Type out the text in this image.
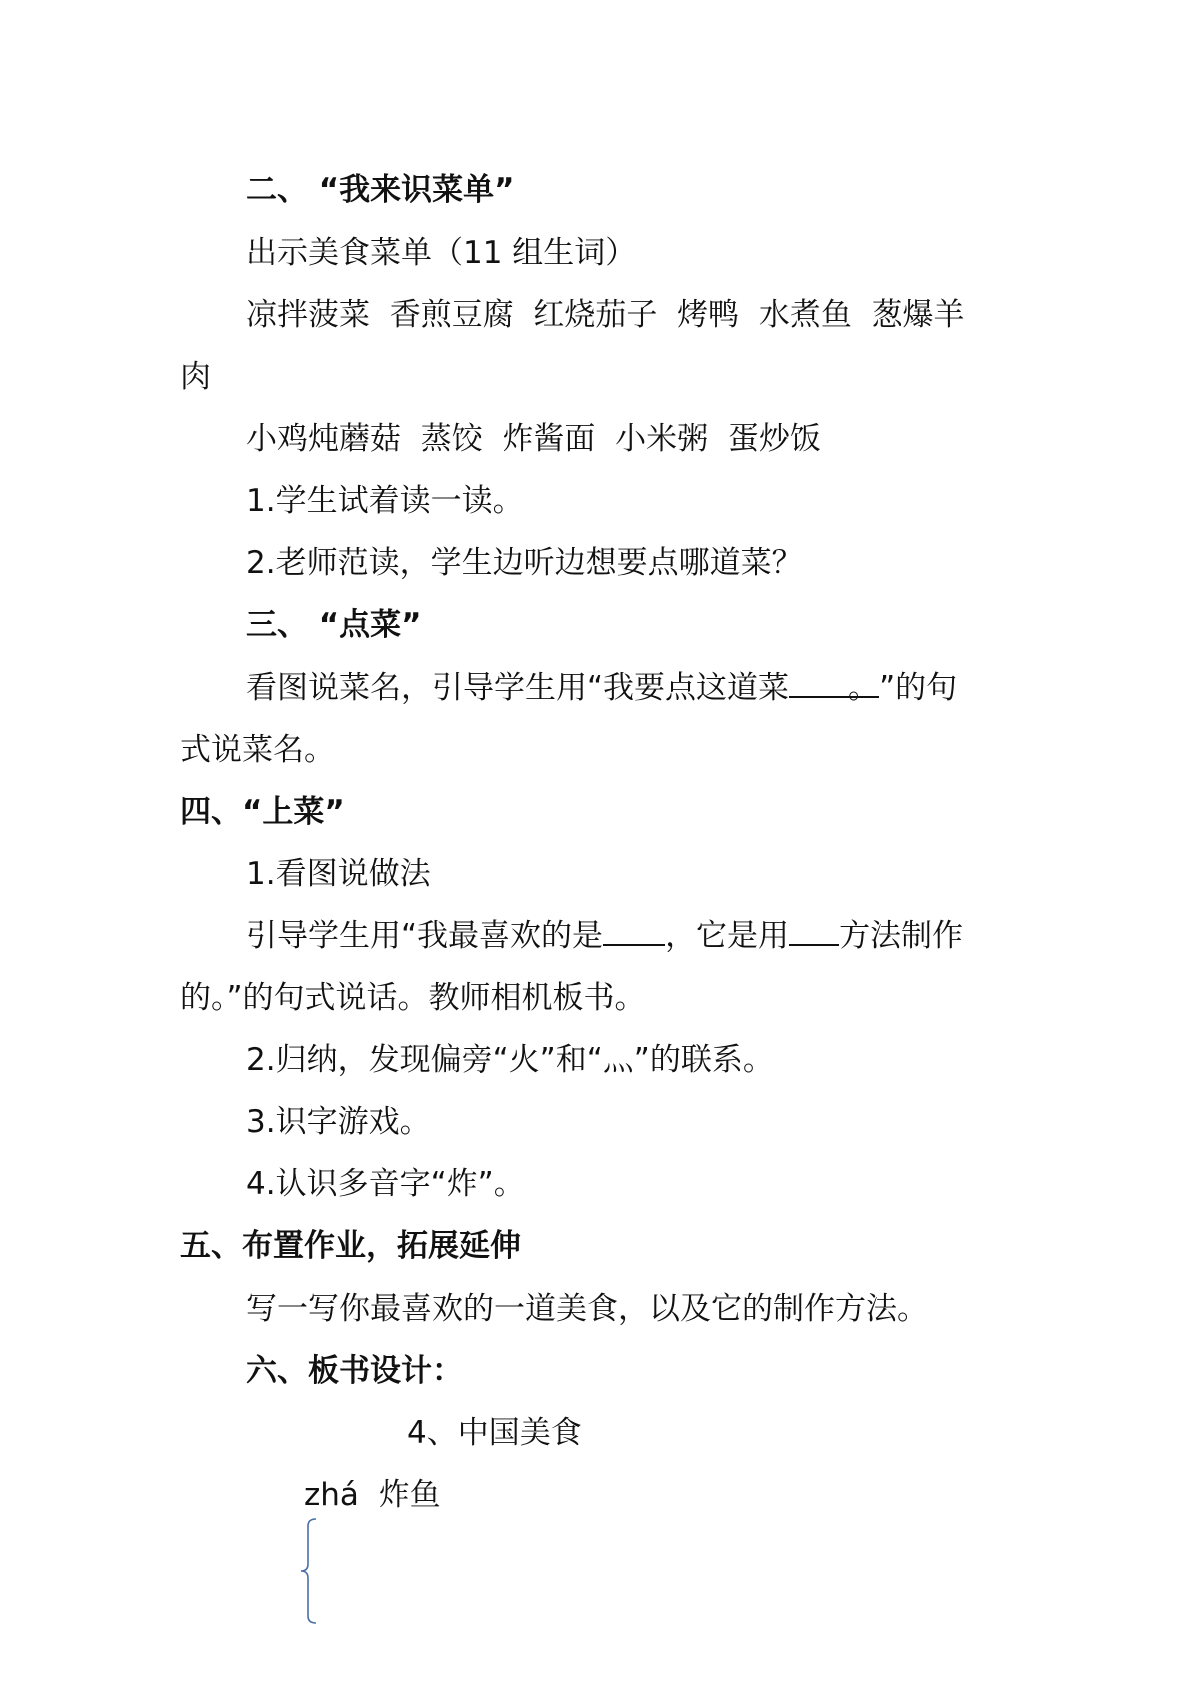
二、 “我来识菜单”
出示美食菜单（11 组生词）
凉拌菠菜  香煎豆腐  红烧茄子  烤鸭  水煮鱼  葱爆羊
肉
小鸡炖蘑菇  蒸饺  炸酱面  小米粥  蛋炒饭
1.学生试着读一读。
2.老师范读，学生边听边想要点哪道菜？
三、 “点菜”
看图说菜名，引导学生用“我要点这道菜   。”的句
式说菜名。
四、“上菜”
1.看图说做法
引导学生用“我最喜欢的是 ，它是用 方法制作
的。”的句式说话。教师相机板书。
2.归纳，发现偏旁“火”和“灬”的联系。
3.识字游戏。
4.认识多音字“炸”。
五、布置作业，拓展延伸
写一写你最喜欢的一道美食，以及它的制作方法。
六、板书设计：
4、中国美食
zhá 炸鱼
